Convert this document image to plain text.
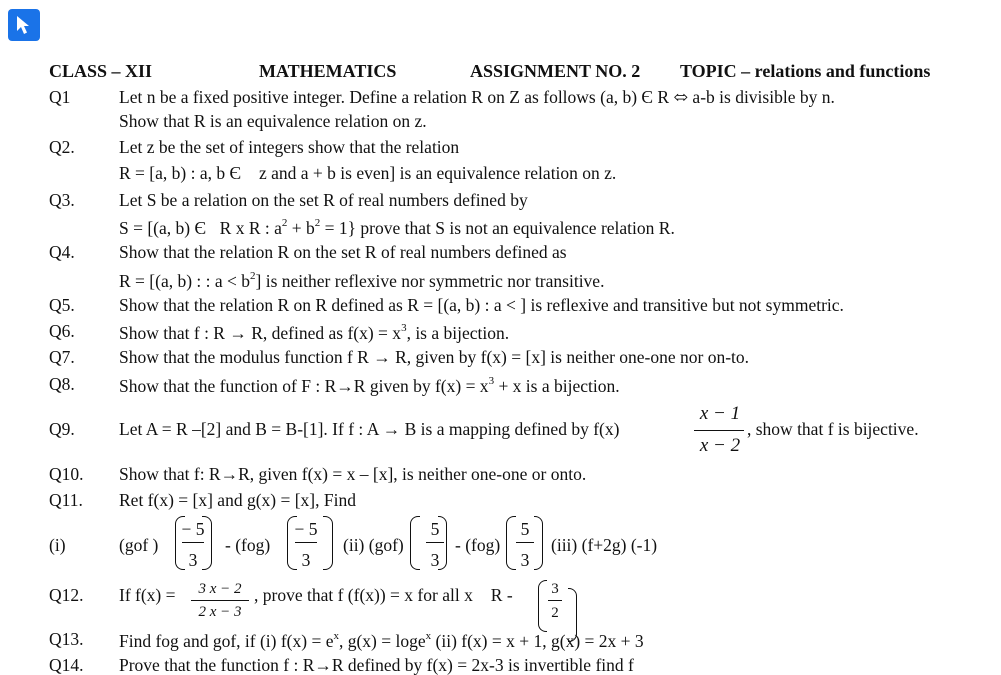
CLASS – XII	MATHEMATICS	ASSIGNMENT NO. 2 TOPIC – relations and functions
Q1	Let n be a fixed positive integer. Define a relation R on Z as follows (a, b) Є R ⬄ a-b is divisible by n.
Show that R is an equivalence relation on z.
Q2.	Let z be the set of integers show that the relation
R = [a, b) : a, b Є z and a + b is even] is an equivalence relation on z.
Q3.	Let S be a relation on the set R of real numbers defined by
S = [(a, b) Є R x R : $a^2 + b^2 = 1$} prove that S is not an equivalence relation R.
Q4.	Show that the relation R on the set R of real numbers defined as
R = [(a, b) : : $a < b^2$] is neither reflexive nor symmetric nor transitive.
Q5.	Show that the relation R on R defined as R = [(a, b) : a < ] is reflexive and transitive but not symmetric.
Q6.	Show that f : R → R, defined as $f(x) = x^3$, is a bijection.
Q7.	Show that the modulus function f R → R, given by f(x) = [x] is neither one-one nor on-to.
Q8.	Show that the function of F : R→R given by $f(x) = x^3 + x$ is a bijection.
Q9.	Let A = R –[2] and B = B-[1]. If f : A → B is a mapping defined by f(x)
x − 1
x − 2
, show that f is bijective.
Q10. Show that f: R→R, given f(x) = x – [x], is neither one-one or onto.
Q11. Ret f(x) = [x] and g(x) = [x], Find
(i)	(gof )
− 5
3
- (fog)
− 5
3
(ii) (gof)
5
3
- (fog)
5
3
(iii) (f+2g) (-1)
Q12. If f(x) =	3 x − 2
2 x − 3
, prove that f (f(x)) = x for all x R -	3
2
Q13. Find fog and gof, if (i) $f(x) = e^x$, g(x) = loge$^x$ (ii) f(x) = x + 1, g(x) = 2x + 3
Q14. Prove that the function f : R→R defined by f(x) = 2x-3 is invertible find f
